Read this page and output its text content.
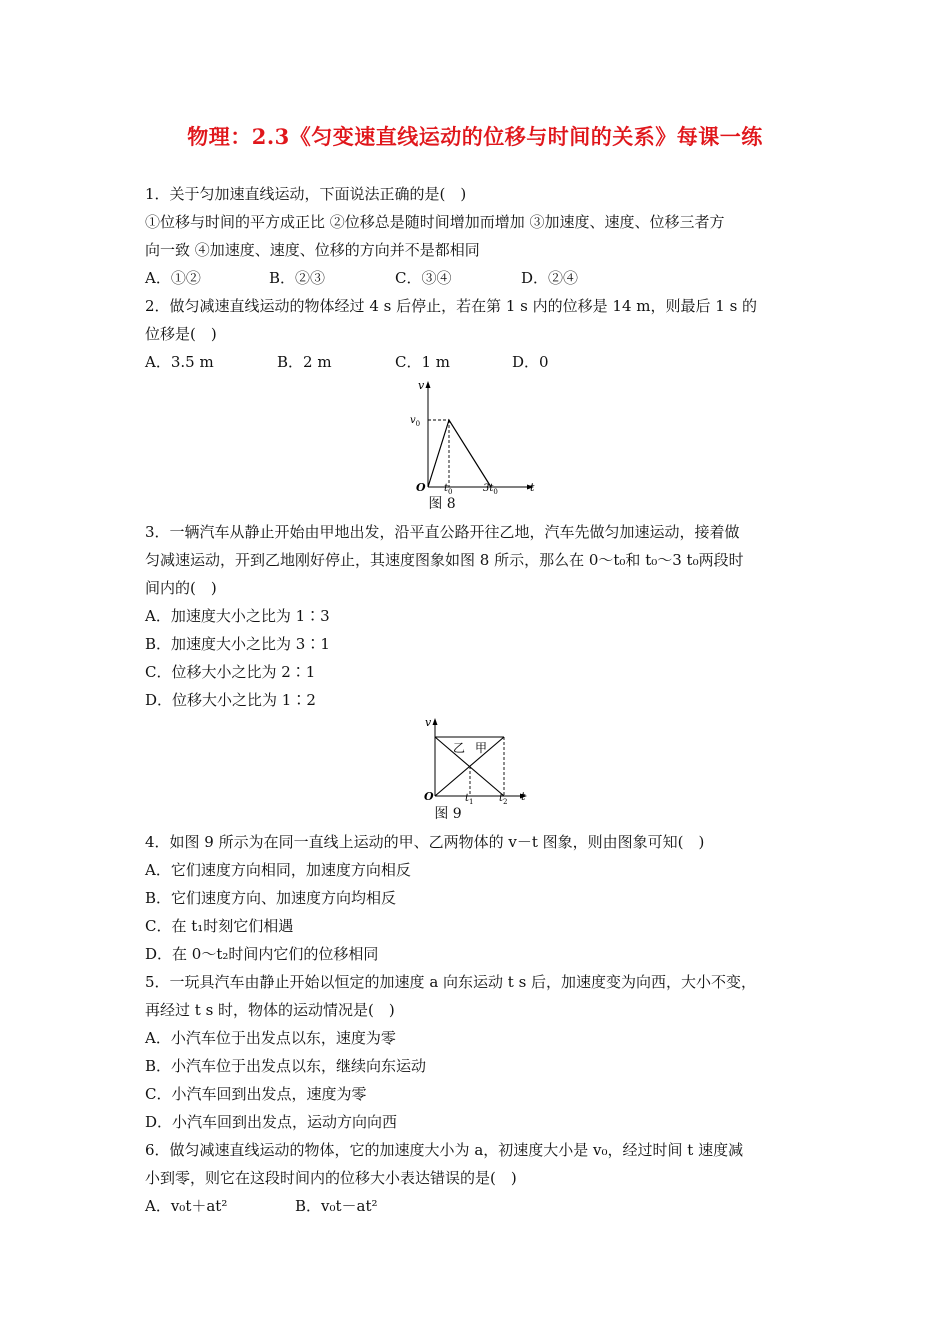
物理：2.3《匀变速直线运动的位移与时间的关系》每课一练
1．关于匀加速直线运动，下面说法正确的是(　)
①位移与时间的平方成正比 ②位移总是随时间增加而增加 ③加速度、速度、位移三者方
向一致 ④加速度、速度、位移的方向并不是都相同
A．①②	B．②③	C．③④	D．②④
2．做匀减速直线运动的物体经过 4 s 后停止，若在第 1 s 内的位移是 14 m，则最后 1 s 的
位移是(　)
A．3.5 m	B．2 m	C．1 m	D．0
v
$v_0$
O $t_0$	$3t_0$	t
图 8
3．一辆汽车从静止开始由甲地出发，沿平直公路开往乙地，汽车先做匀加速运动，接着做
匀减速运动，开到乙地刚好停止，其速度图象如图 8 所示，那么在 0～t₀和 t₀～3 t₀两段时
间内的(　)
A．加速度大小之比为 1∶3
B．加速度大小之比为 3∶1
C．位移大小之比为 2∶1
D．位移大小之比为 1∶2
v
乙 甲
O	$t_1$	$t_2$ t
图 9
4．如图 9 所示为在同一直线上运动的甲、乙两物体的 v－t 图象，则由图象可知(　)
A．它们速度方向相同，加速度方向相反
B．它们速度方向、加速度方向均相反
C．在 t₁时刻它们相遇
D．在 0～t₂时间内它们的位移相同
5．一玩具汽车由静止开始以恒定的加速度 a 向东运动 t s 后，加速度变为向西，大小不变，
再经过 t s 时，物体的运动情况是(　)
A．小汽车位于出发点以东，速度为零
B．小汽车位于出发点以东，继续向东运动
C．小汽车回到出发点，速度为零
D．小汽车回到出发点，运动方向向西
6．做匀减速直线运动的物体，它的加速度大小为 a，初速度大小是 v₀，经过时间 t 速度减
小到零，则它在这段时间内的位移大小表达错误的是(　)
A．v₀t＋at²	B．v₀t－at²
